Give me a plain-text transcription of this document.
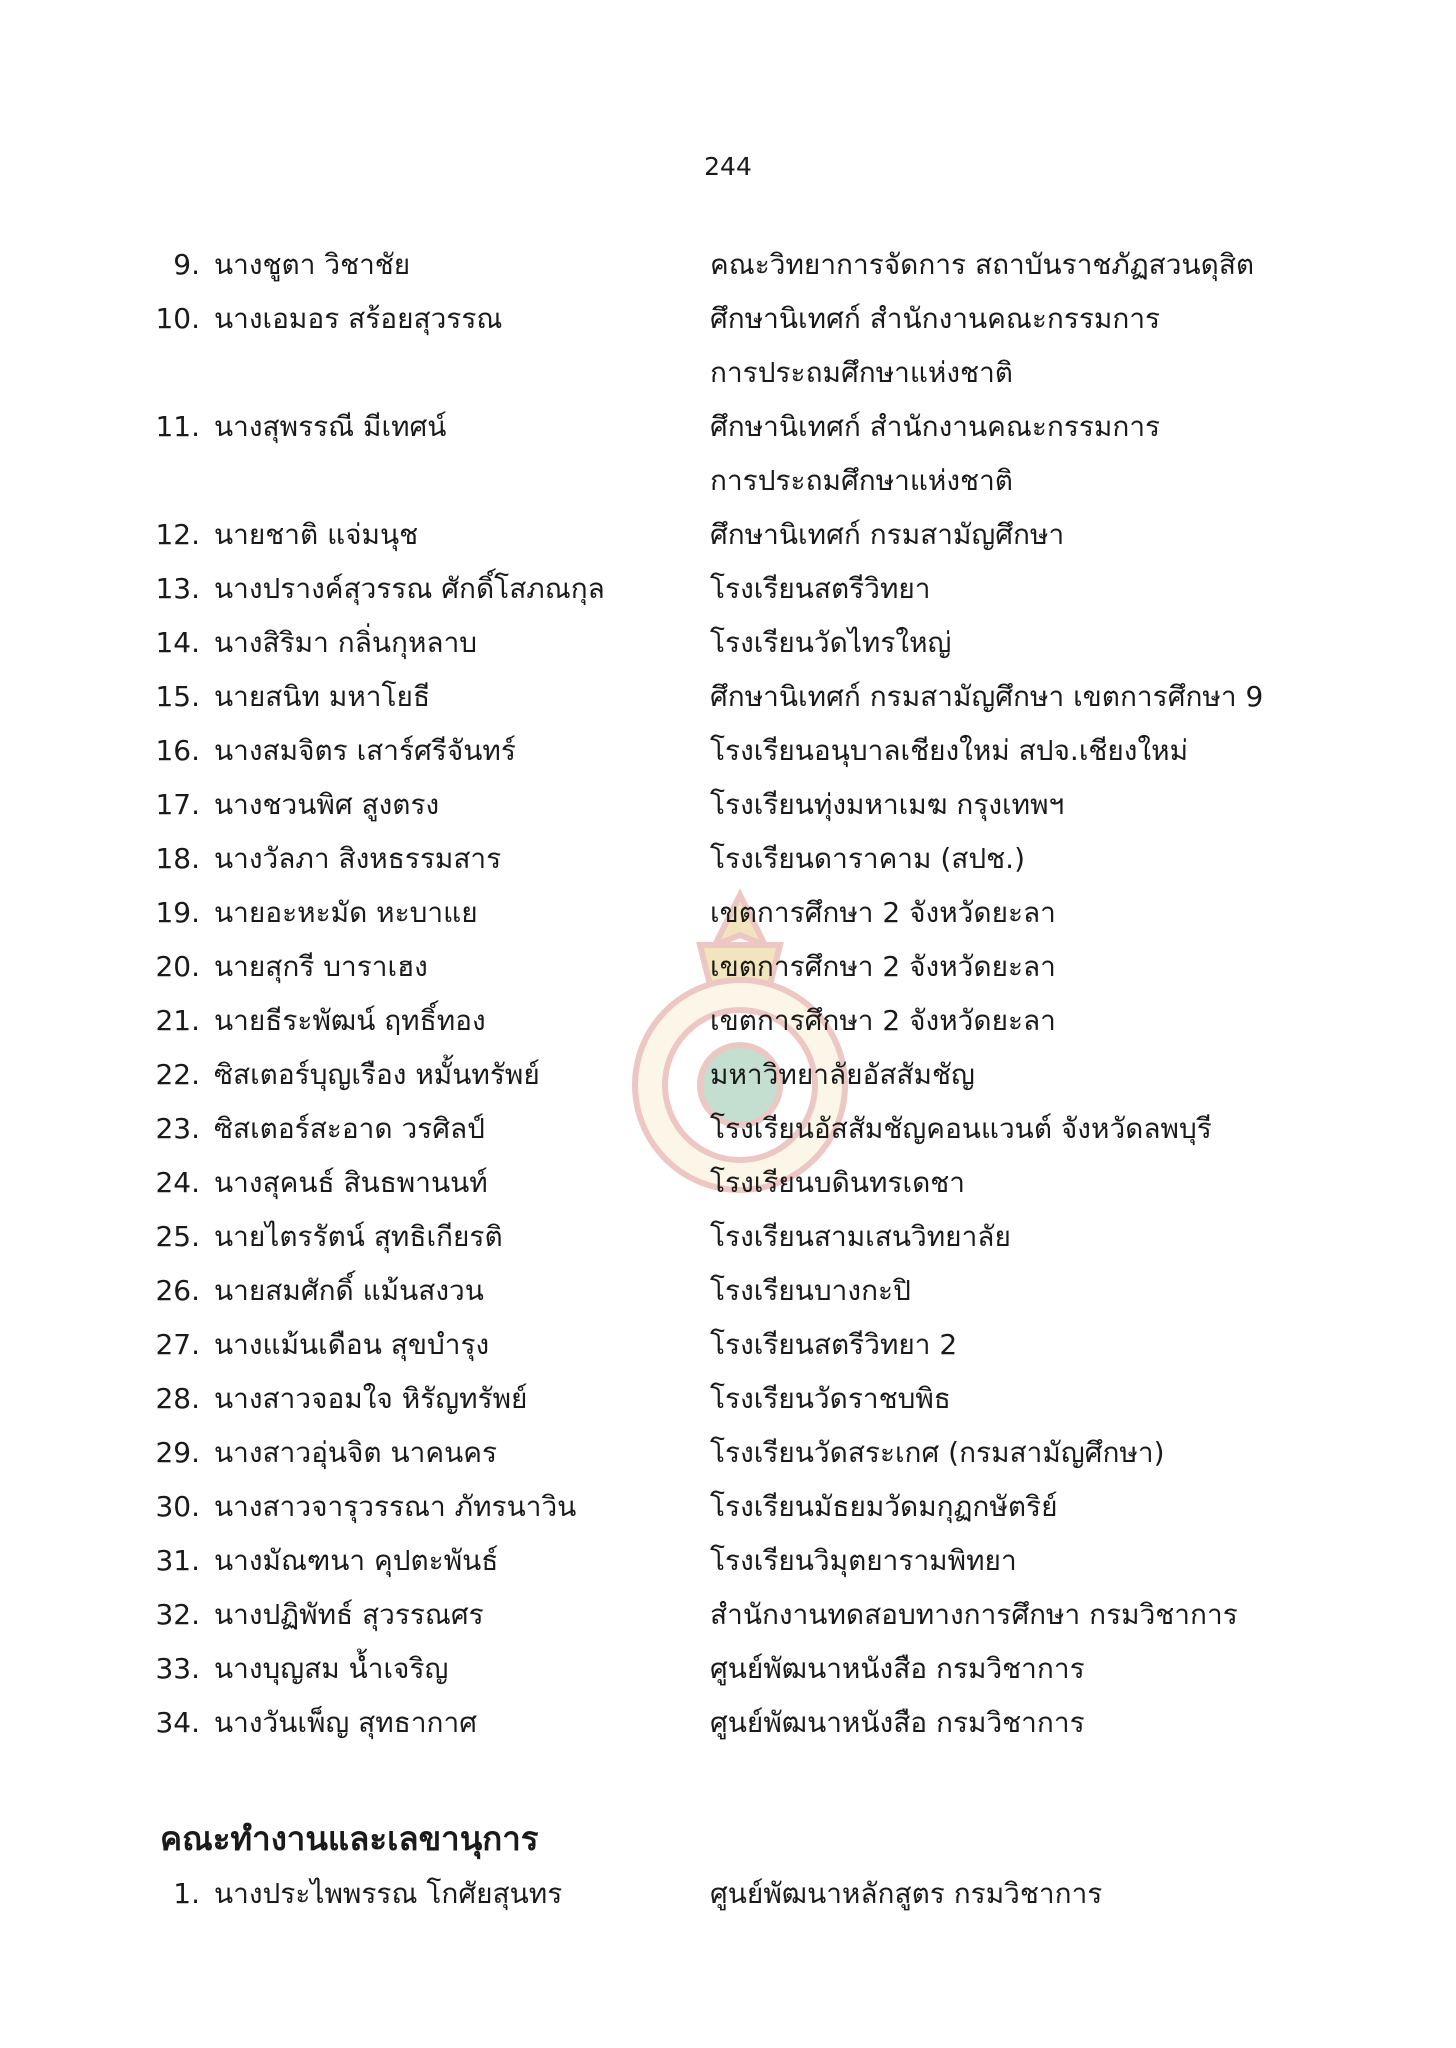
244
9. นางชูตา วิชาชัย	คณะวิทยาการจัดการ สถาบันราชภัฏสวนดุสิต
10. นางเอมอร สร้อยสุวรรณ	ศึกษานิเทศก์ สำนักงานคณะกรรมการ
การประถมศึกษาแห่งชาติ
11. นางสุพรรณี มีเทศน์	ศึกษานิเทศก์ สำนักงานคณะกรรมการ
การประถมศึกษาแห่งชาติ
12. นายชาติ แจ่มนุช	ศึกษานิเทศก์ กรมสามัญศึกษา
13. นางปรางค์สุวรรณ ศักดิ์โสภณกุล	โรงเรียนสตรีวิทยา
14. นางสิริมา กลิ่นกุหลาบ	โรงเรียนวัดไทรใหญ่
15. นายสนิท มหาโยธี	ศึกษานิเทศก์ กรมสามัญศึกษา เขตการศึกษา 9
16. นางสมจิตร เสาร์ศรีจันทร์	โรงเรียนอนุบาลเชียงใหม่ สปจ.เชียงใหม่
17. นางชวนพิศ สูงตรง	โรงเรียนทุ่งมหาเมฆ กรุงเทพฯ
18. นางวัลภา สิงหธรรมสาร	โรงเรียนดาราคาม (สปช.)
19. นายอะหะมัด หะบาแย	เขตการศึกษา 2 จังหวัดยะลา
20. นายสุกรี บาราเฮง	เขตการศึกษา 2 จังหวัดยะลา
21. นายธีระพัฒน์ ฤทธิ์ทอง	เขตการศึกษา 2 จังหวัดยะลา
22. ซิสเตอร์บุญเรือง หมั้นทรัพย์	มหาวิทยาลัยอัสสัมชัญ
23. ซิสเตอร์สะอาด วรศิลป์	โรงเรียนอัสสัมชัญคอนแวนต์ จังหวัดลพบุรี
24. นางสุคนธ์ สินธพานนท์	โรงเรียนบดินทรเดชา
25. นายไตรรัตน์ สุทธิเกียรติ	โรงเรียนสามเสนวิทยาลัย
26. นายสมศักดิ์ แม้นสงวน	โรงเรียนบางกะปิ
27. นางแม้นเดือน สุขบำรุง	โรงเรียนสตรีวิทยา 2
28. นางสาวจอมใจ หิรัญทรัพย์	โรงเรียนวัดราชบพิธ
29. นางสาวอุ่นจิต นาคนคร	โรงเรียนวัดสระเกศ (กรมสามัญศึกษา)
30. นางสาวจารุวรรณา ภัทรนาวิน	โรงเรียนมัธยมวัดมกุฏกษัตริย์
31. นางมัณฑนา คุปตะพันธ์	โรงเรียนวิมุตยารามพิทยา
32. นางปฏิพัทธ์ สุวรรณศร	สำนักงานทดสอบทางการศึกษา กรมวิชาการ
33. นางบุญสม น้ำเจริญ	ศูนย์พัฒนาหนังสือ กรมวิชาการ
34. นางวันเพ็ญ สุทธากาศ	ศูนย์พัฒนาหนังสือ กรมวิชาการ
คณะทำงานและเลขานุการ
1. นางประไพพรรณ โกศัยสุนทร	ศูนย์พัฒนาหลักสูตร กรมวิชาการ
